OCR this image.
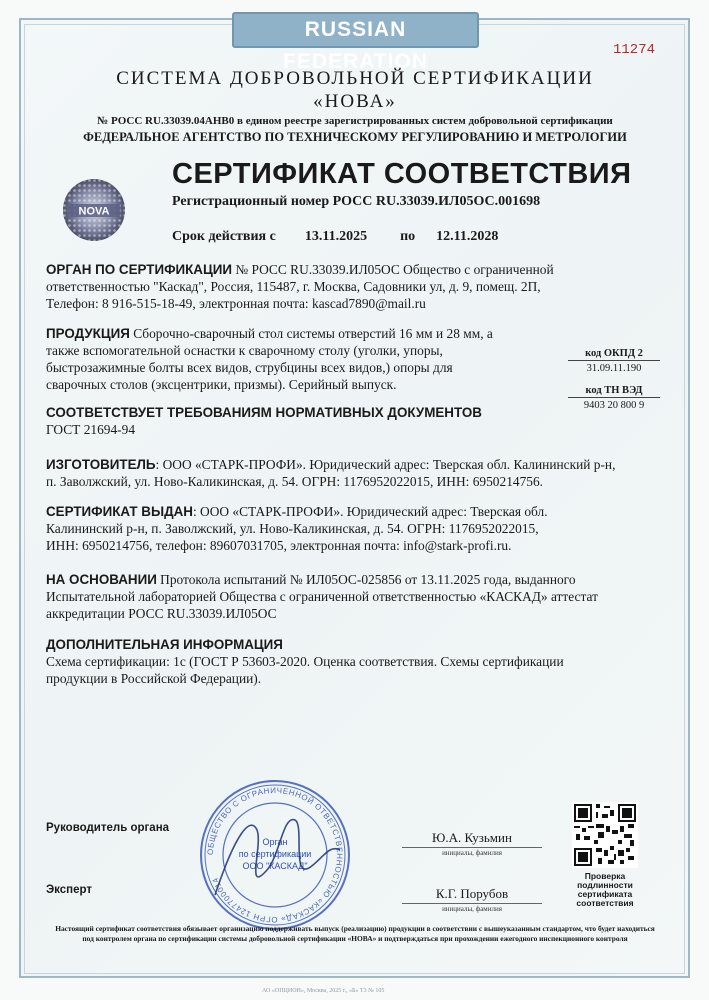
RUSSIAN FEDERATION	11274
СИСТЕМА ДОБРОВОЛЬНОЙ СЕРТИФИКАЦИИ
«НОВА»
№ РОСС RU.33039.04АНВ0 в едином реестре зарегистрированных систем добровольной сертификации
ФЕДЕРАЛЬНОЕ АГЕНТСТВО ПО ТЕХНИЧЕСКОМУ РЕГУЛИРОВАНИЮ И МЕТРОЛОГИИ
NOVA
СЕРТИФИКАТ СООТВЕТСТВИЯ
Регистрационный номер РОСС RU.33039.ИЛ05ОС.001698
Срок действия с 13.11.2025 по 12.11.2028
ОРГАН ПО СЕРТИФИКАЦИИ № РОСС RU.33039.ИЛ05ОС Общество с ограниченной
ответственностью "Каскад", Россия, 115487, г. Москва, Садовники ул, д. 9, помещ. 2П,
Телефон: 8 916-515-18-49, электронная почта: kascad7890@mail.ru
ПРОДУКЦИЯ Сборочно-сварочный стол системы отверстий 16 мм и 28 мм, а
также вспомогательной оснастки к сварочному столу (уголки, упоры,
быстрозажимные болты всех видов, струбцины всех видов,) опоры для
сварочных столов (эксцентрики, призмы). Серийный выпуск.
код ОКПД 2
31.09.11.190
код ТН ВЭД
9403 20 800 9
СООТВЕТСТВУЕТ ТРЕБОВАНИЯМ НОРМАТИВНЫХ ДОКУМЕНТОВ
ГОСТ 21694-94
ИЗГОТОВИТЕЛЬ: ООО «СТАРК-ПРОФИ». Юридический адрес: Тверская обл. Калининский р-н,
п. Заволжский, ул. Ново-Каликинская, д. 54. ОГРН: 1176952022015, ИНН: 6950214756.
СЕРТИФИКАТ ВЫДАН: ООО «СТАРК-ПРОФИ». Юридический адрес: Тверская обл.
Калининский р-н, п. Заволжский, ул. Ново-Каликинская, д. 54. ОГРН: 1176952022015,
ИНН: 6950214756, телефон: 89607031705, электронная почта: info@stark-profi.ru.
НА ОСНОВАНИИ Протокола испытаний № ИЛ05ОС-025856 от 13.11.2025 года, выданного
Испытательной лабораторией Общества с ограниченной ответственностью «КАСКАД» аттестат
аккредитации РОСС RU.33039.ИЛ05ОС
ДОПОЛНИТЕЛЬНАЯ ИНФОРМАЦИЯ
Схема сертификации: 1с (ГОСТ Р 53603-2020. Оценка соответствия. Схемы сертификации
продукции в Российской Федерации).
ОБЩЕСТВО С ОГРАНИЧЕННОЙ ОТВЕТСТВЕННОСТЬЮ «КАСКАД» ОГРН 1247700014
Орган
по сертификации
ООО "КАСКАД"
Руководитель органа
Ю.А. Кузьмин
инициалы, фамилия
Эксперт	К.Г. Порубов
инициалы, фамилия
Проверка
подлинности
сертификата
соответствия
Настоящий сертификат соответствия обязывает организацию поддерживать выпуск (реализацию) продукции в соответствии с вышеуказанным стандартом, что будет находиться
под контролем органа по сертификации системы добровольной сертификации «НОВА» и подтверждаться при прохождении ежегодного инспекционного контроля
АО «ОПЦИОН», Москва, 2025 г., «Б» Т3 № 105
